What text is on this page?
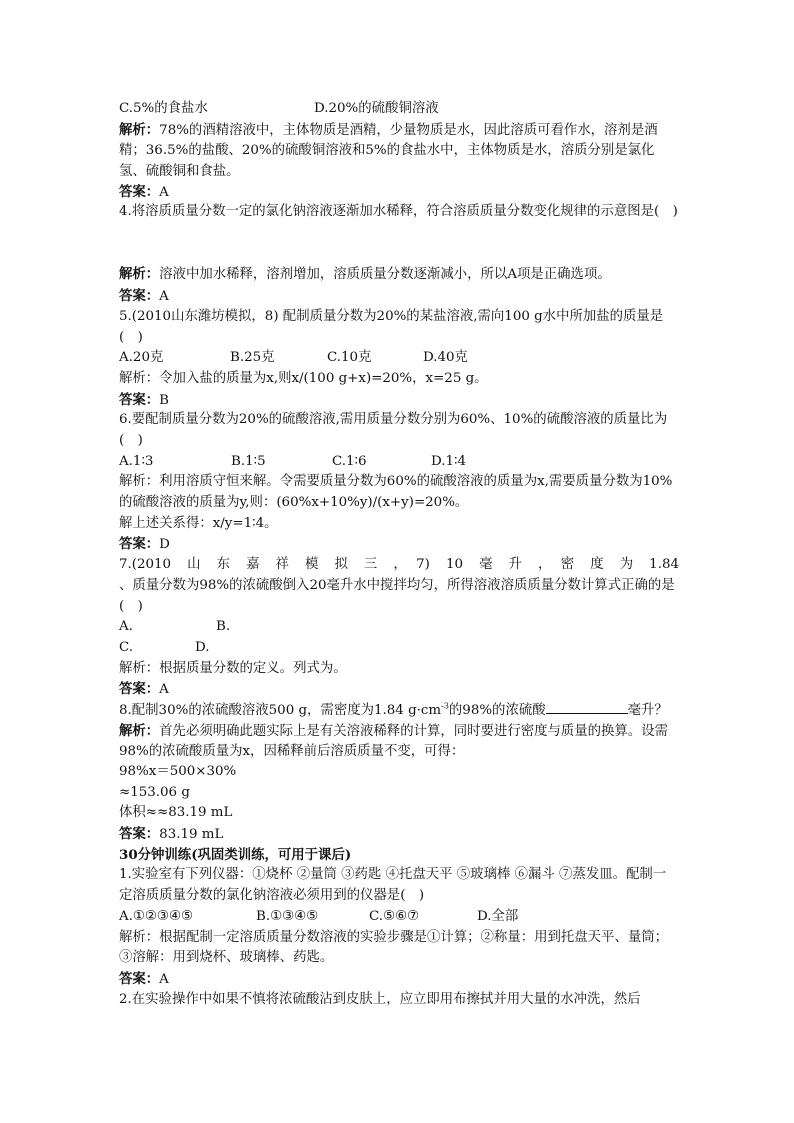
C.5%的食盐水	D.20%的硫酸铜溶液
解析：78%的酒精溶液中，主体物质是酒精，少量物质是水，因此溶质可看作水，溶剂是酒精；36.5%的盐酸、20%的硫酸铜溶液和5%的食盐水中，主体物质是水，溶质分别是氯化氢、硫酸铜和食盐。
答案：A
4.将溶质质量分数一定的氯化钠溶液逐渐加水稀释，符合溶质质量分数变化规律的示意图是(　)
解析：溶液中加水稀释，溶剂增加，溶质质量分数逐渐减小，所以A项是正确选项。
答案：A
5.(2010山东潍坊模拟，8) 配制质量分数为20%的某盐溶液,需向100 g水中所加盐的质量是(　)
A.20克	B.25克	C.10克	D.40克
解析：令加入盐的质量为x,则x/(100 g+x)=20%，x=25 g。
答案：B
6.要配制质量分数为20%的硫酸溶液,需用质量分数分别为60%、10%的硫酸溶液的质量比为(　)
A.1∶3	B.1∶5	C.1∶6	D.1∶4
解析：利用溶质守恒来解。令需要质量分数为60%的硫酸溶液的质量为x,需要质量分数为10%的硫酸溶液的质量为y,则：(60%x+10%y)/(x+y)=20%。
解上述关系得：x/y=1∶4。
答案：D
7.(2010　山　东　嘉　祥　模　拟　三　，　7)　10　毫　升　，　密　度　为　1.84　
、质量分数为98%的浓硫酸倒入20毫升水中搅拌均匀，所得溶液溶质质量分数计算式正确的是(　)
A.	B.
C.	D.
解析：根据质量分数的定义。列式为。
答案：A
8.配制30%的浓硫酸溶液500 g，需密度为1.84 $g\cdot cm^{-3}$的98%的浓硫酸	毫升？
解析：首先必须明确此题实际上是有关溶液稀释的计算，同时要进行密度与质量的换算。设需98%的浓硫酸质量为x，因稀释前后溶质质量不变，可得：
98%x＝500×30%
≈153.06 g
体积≈≈83.19 mL
答案：83.19 mL
30分钟训练(巩固类训练，可用于课后)
1.实验室有下列仪器：①烧杯 ②量筒 ③药匙 ④托盘天平 ⑤玻璃棒 ⑥漏斗 ⑦蒸发皿。配制一定溶质质量分数的氯化钠溶液必须用到的仪器是(　)
A.①②③④⑤	B.①③④⑤	C.⑤⑥⑦	D.全部
解析：根据配制一定溶质质量分数溶液的实验步骤是①计算；②称量：用到托盘天平、量筒；③溶解：用到烧杯、玻璃棒、药匙。
答案：A
2.在实验操作中如果不慎将浓硫酸沾到皮肤上，应立即用布擦拭并用大量的水冲洗，然后
